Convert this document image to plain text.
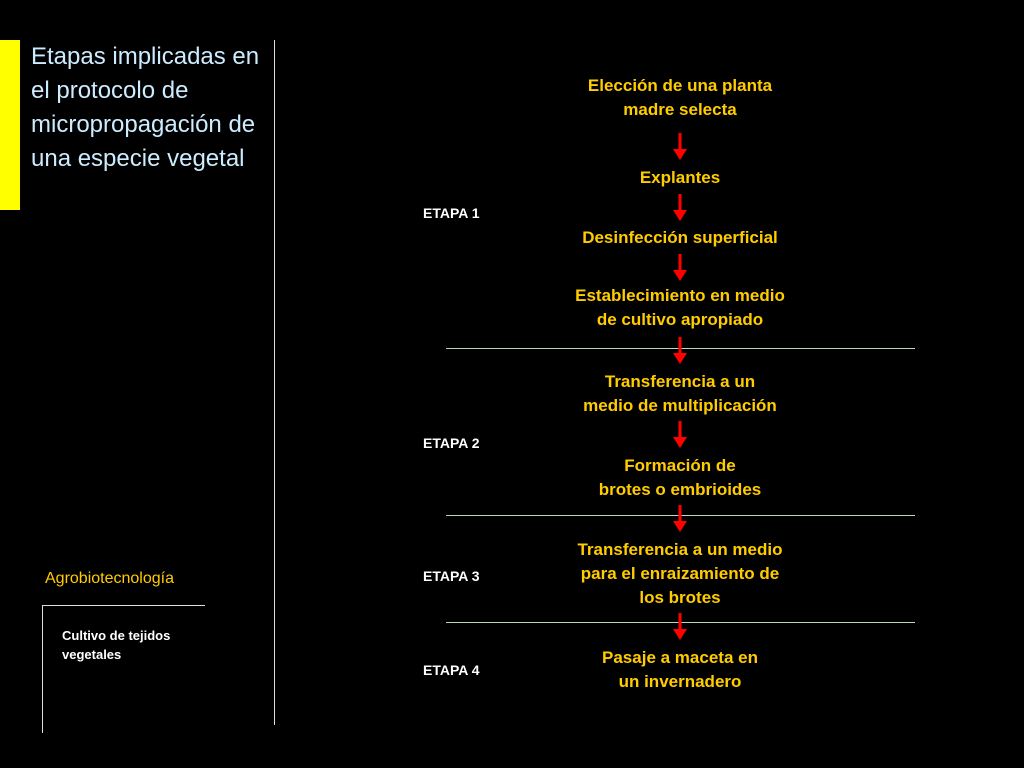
Etapas implicadas en el protocolo de micropropagación de una especie vegetal
Agrobiotecnología
Cultivo de tejidos vegetales
Elección de una planta
madre selecta
Explantes
Desinfección superficial
Establecimiento en medio
de cultivo apropiado
Transferencia a un
medio de multiplicación
Formación de
brotes o embrioides
Transferencia a un medio
para el enraizamiento de
los brotes
Pasaje a maceta en
un invernadero
ETAPA 1
ETAPA 2
ETAPA 3
ETAPA 4
